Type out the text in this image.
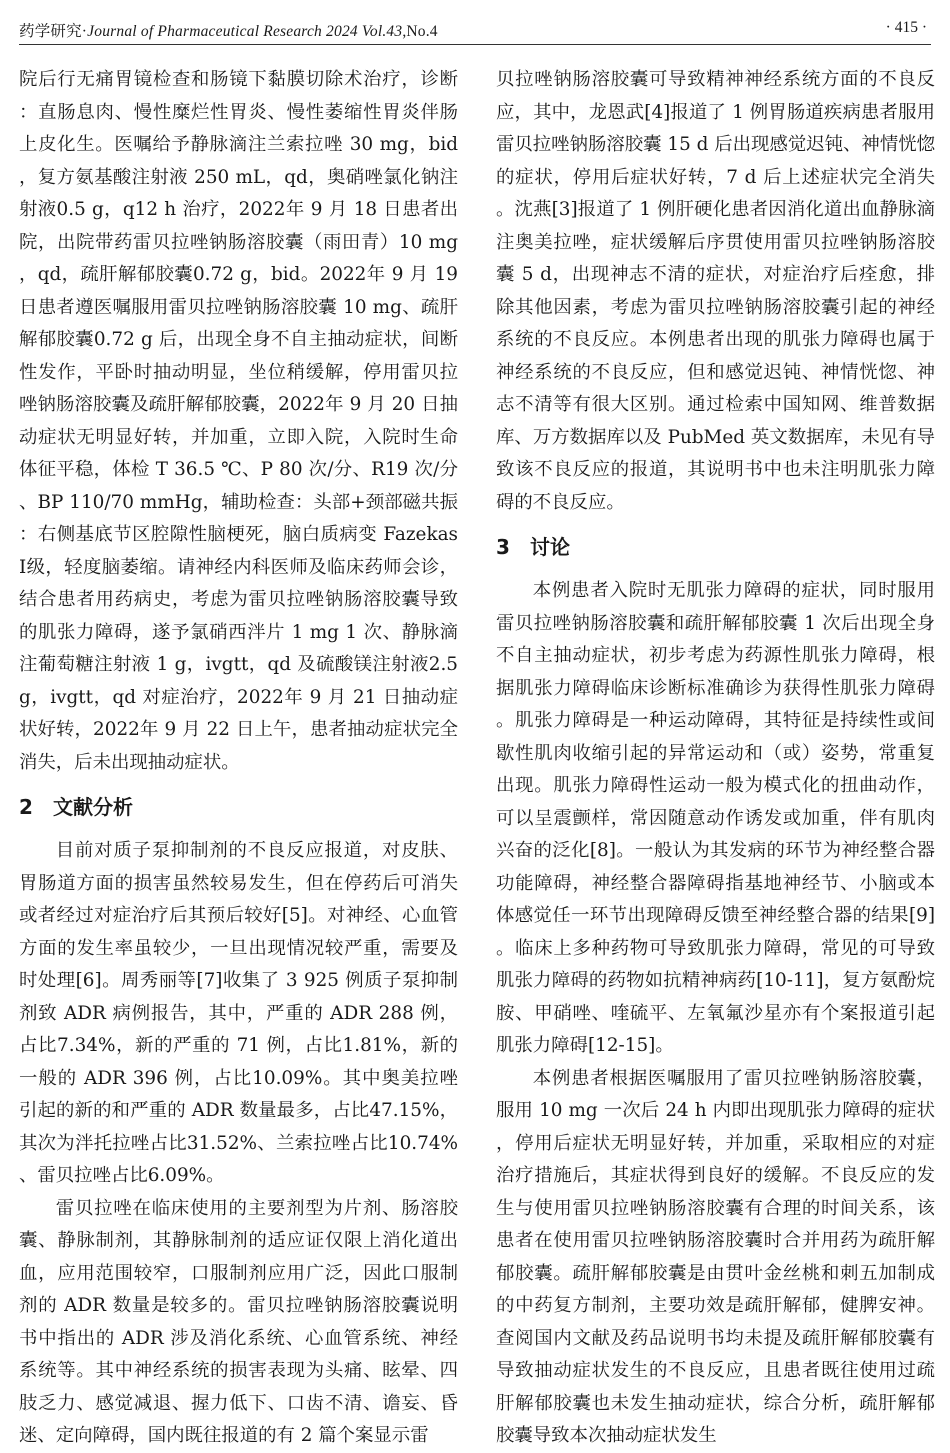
药学研究·Journal of Pharmaceutical Research 2024 Vol.43,No.4	· 415 ·

院后行无痛胃镜检查和肠镜下黏膜切除术治疗，诊断：直肠息肉、慢性糜烂性胃炎、慢性萎缩性胃炎伴肠上皮化生。医嘱给予静脉滴注兰索拉唑 30 mg，bid，复方氨基酸注射液 250 mL，qd，奥硝唑氯化钠注射液0.5 g，q12 h 治疗，2022年 9 月 18 日患者出院，出院带药雷贝拉唑钠肠溶胶囊（雨田青）10 mg，qd，疏肝解郁胶囊0.72 g，bid。2022年 9 月 19 日患者遵医嘱服用雷贝拉唑钠肠溶胶囊 10 mg、疏肝解郁胶囊0.72 g 后，出现全身不自主抽动症状，间断性发作，平卧时抽动明显，坐位稍缓解，停用雷贝拉唑钠肠溶胶囊及疏肝解郁胶囊，2022年 9 月 20 日抽动症状无明显好转，并加重，立即入院，入院时生命体征平稳，体检 T 36.5 ℃、P 80 次/分、R19 次/分、BP 110/70 mmHg，辅助检查：头部+颈部磁共振：右侧基底节区腔隙性脑梗死，脑白质病变 Fazekas Ⅰ级，轻度脑萎缩。请神经内科医师及临床药师会诊，结合患者用药病史，考虑为雷贝拉唑钠肠溶胶囊导致的肌张力障碍，遂予氯硝西泮片 1 mg 1 次、静脉滴注葡萄糖注射液 1 g，ivgtt，qd 及硫酸镁注射液2.5 g，ivgtt，qd 对症治疗，2022年 9 月 21 日抽动症状好转，2022年 9 月 22 日上午，患者抽动症状完全消失，后未出现抽动症状。

2 文献分析

目前对质子泵抑制剂的不良反应报道，对皮肤、胃肠道方面的损害虽然较易发生，但在停药后可消失或者经过对症治疗后其预后较好[5]。对神经、心血管方面的发生率虽较少，一旦出现情况较严重，需要及时处理[6]。周秀丽等[7]收集了 3 925 例质子泵抑制剂致 ADR 病例报告，其中，严重的 ADR 288 例，占比7.34%，新的严重的 71 例，占比1.81%，新的一般的 ADR 396 例，占比10.09%。其中奥美拉唑引起的新的和严重的 ADR 数量最多，占比47.15%，其次为泮托拉唑占比31.52%、兰索拉唑占比10.74%、雷贝拉唑占比6.09%。

雷贝拉唑在临床使用的主要剂型为片剂、肠溶胶囊、静脉制剂，其静脉制剂的适应证仅限上消化道出血，应用范围较窄，口服制剂应用广泛，因此口服制剂的 ADR 数量是较多的。雷贝拉唑钠肠溶胶囊说明书中指出的 ADR 涉及消化系统、心血管系统、神经系统等。其中神经系统的损害表现为头痛、眩晕、四肢乏力、感觉减退、握力低下、口齿不清、谵妄、昏迷、定向障碍，国内既往报道的有 2 篇个案显示雷

贝拉唑钠肠溶胶囊可导致精神神经系统方面的不良反应，其中，龙恩武[4]报道了 1 例胃肠道疾病患者服用雷贝拉唑钠肠溶胶囊 15 d 后出现感觉迟钝、神情恍惚的症状，停用后症状好转，7 d 后上述症状完全消失。沈燕[3]报道了 1 例肝硬化患者因消化道出血静脉滴注奥美拉唑，症状缓解后序贯使用雷贝拉唑钠肠溶胶囊 5 d，出现神志不清的症状，对症治疗后痊愈，排除其他因素，考虑为雷贝拉唑钠肠溶胶囊引起的神经系统的不良反应。本例患者出现的肌张力障碍也属于神经系统的不良反应，但和感觉迟钝、神情恍惚、神志不清等有很大区别。通过检索中国知网、维普数据库、万方数据库以及 PubMed 英文数据库，未见有导致该不良反应的报道，其说明书中也未注明肌张力障碍的不良反应。

3 讨论

本例患者入院时无肌张力障碍的症状，同时服用雷贝拉唑钠肠溶胶囊和疏肝解郁胶囊 1 次后出现全身不自主抽动症状，初步考虑为药源性肌张力障碍，根据肌张力障碍临床诊断标准确诊为获得性肌张力障碍。肌张力障碍是一种运动障碍，其特征是持续性或间歇性肌肉收缩引起的异常运动和（或）姿势，常重复出现。肌张力障碍性运动一般为模式化的扭曲动作，可以呈震颤样，常因随意动作诱发或加重，伴有肌肉兴奋的泛化[8]。一般认为其发病的环节为神经整合器功能障碍，神经整合器障碍指基地神经节、小脑或本体感觉任一环节出现障碍反馈至神经整合器的结果[9]。临床上多种药物可导致肌张力障碍，常见的可导致肌张力障碍的药物如抗精神病药[10-11]，复方氨酚烷胺、甲硝唑、喹硫平、左氧氟沙星亦有个案报道引起肌张力障碍[12-15]。

本例患者根据医嘱服用了雷贝拉唑钠肠溶胶囊，服用 10 mg 一次后 24 h 内即出现肌张力障碍的症状，停用后症状无明显好转，并加重，采取相应的对症治疗措施后，其症状得到良好的缓解。不良反应的发生与使用雷贝拉唑钠肠溶胶囊有合理的时间关系，该患者在使用雷贝拉唑钠肠溶胶囊时合并用药为疏肝解郁胶囊。疏肝解郁胶囊是由贯叶金丝桃和刺五加制成的中药复方制剂，主要功效是疏肝解郁，健脾安神。查阅国内文献及药品说明书均未提及疏肝解郁胶囊有导致抽动症状发生的不良反应，且患者既往使用过疏肝解郁胶囊也未发生抽动症状，综合分析，疏肝解郁胶囊导致本次抽动症状发生
